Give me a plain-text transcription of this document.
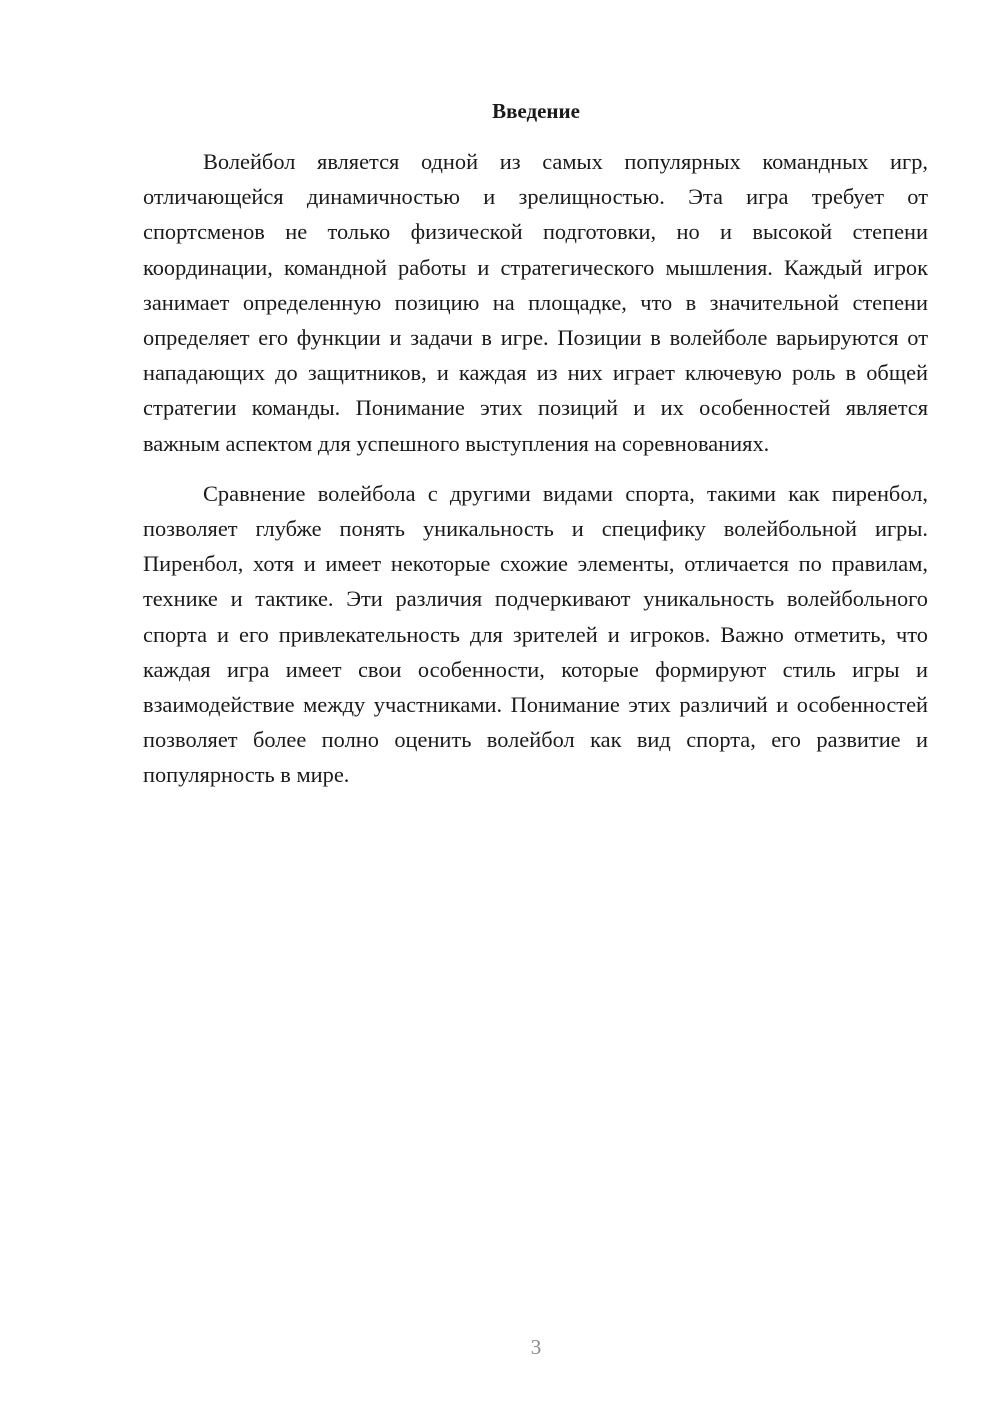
Введение

Волейбол является одной из самых популярных командных игр, отличающейся динамичностью и зрелищностью. Эта игра требует от спортсменов не только физической подготовки, но и высокой степени координации, командной работы и стратегического мышления. Каждый игрок занимает определенную позицию на площадке, что в значительной степени определяет его функции и задачи в игре. Позиции в волейболе варьируются от нападающих до защитников, и каждая из них играет ключевую роль в общей стратегии команды. Понимание этих позиций и их особенностей является важным аспектом для успешного выступления на соревнованиях.

Сравнение волейбола с другими видами спорта, такими как пиренбол, позволяет глубже понять уникальность и специфику волейбольной игры. Пиренбол, хотя и имеет некоторые схожие элементы, отличается по правилам, технике и тактике. Эти различия подчеркивают уникальность волейбольного спорта и его привлекательность для зрителей и игроков. Важно отметить, что каждая игра имеет свои особенности, которые формируют стиль игры и взаимодействие между участниками. Понимание этих различий и особенностей позволяет более полно оценить волейбол как вид спорта, его развитие и популярность в мире.

3
